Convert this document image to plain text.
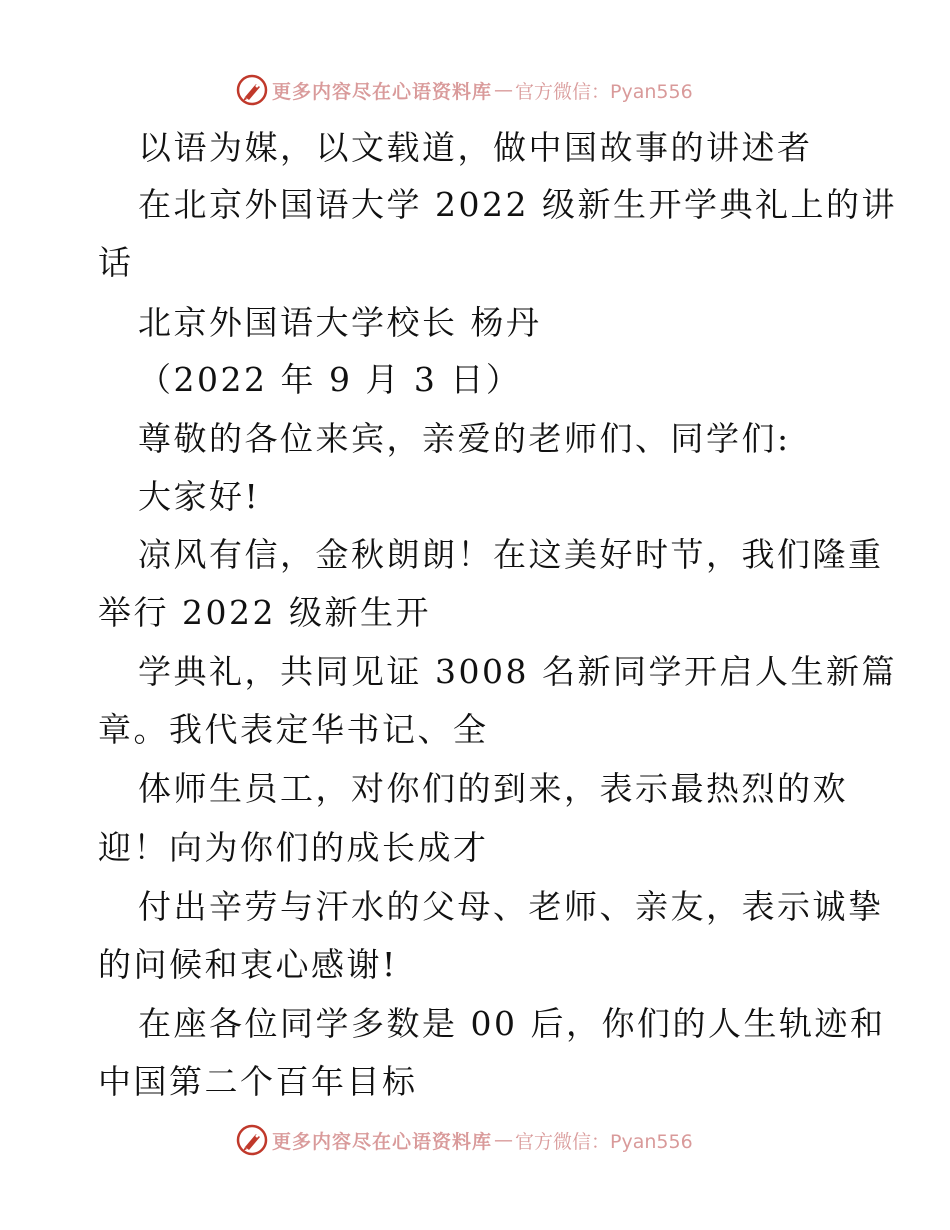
更多内容尽在心语资料库 — 官方微信：Pyan556
以语为媒，以文载道，做中国故事的讲述者
在北京外国语大学 2022 级新生开学典礼上的讲
话
北京外国语大学校长 杨丹
（2022 年 9 月 3 日）
尊敬的各位来宾，亲爱的老师们、同学们:
大家好!
凉风有信，金秋朗朗！在这美好时节，我们隆重
举行 2022 级新生开
学典礼，共同见证 3008 名新同学开启人生新篇
章。我代表定华书记、全
体师生员工，对你们的到来，表示最热烈的欢
迎！向为你们的成长成才
付出辛劳与汗水的父母、老师、亲友，表示诚挚
的问候和衷心感谢!
在座各位同学多数是 00 后，你们的人生轨迹和
中国第二个百年目标
更多内容尽在心语资料库 — 官方微信：Pyan556
